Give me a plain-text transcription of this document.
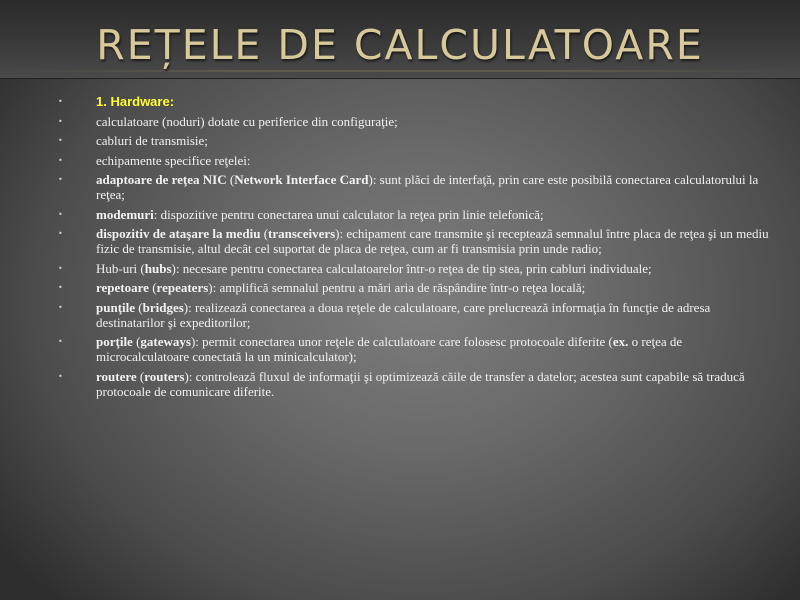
REȚELE DE CALCULATOARE
•	1. Hardware:
•	calculatoare (noduri) dotate cu periferice din configuraţie;
•	cabluri de transmisie;
•	echipamente specifice reţelei:
•	adaptoare de reţea NIC (Network Interface Card): sunt plăci de interfaţă, prin care este posibilă conectarea calculatorului la reţea;
•	modemuri: dispozitive pentru conectarea unui calculator la reţea prin linie telefonică;
•	dispozitiv de ataşare la mediu (transceivers): echipament care transmite şi recepteazã semnalul între placa de reţea şi un mediu fizic de transmisie, altul decât cel suportat de placa de reţea, cum ar fi transmisia prin unde radio;
•	Hub-uri (hubs): necesare pentru conectarea calculatoarelor într-o reţea de tip stea, prin cabluri individuale;
•	repetoare (repeaters): amplifică semnalul pentru a mări aria de răspândire într-o reţea locală;
•	punţile (bridges): realizează conectarea a doua reţele de calculatoare, care prelucrează informaţia în funcţie de adresa destinatarilor şi expeditorilor;
•	porţile (gateways): permit conectarea unor reţele de calculatoare care folosesc protocoale diferite (ex. o reţea de microcalculatoare conectată la un minicalculator);
•	routere (routers): controlează fluxul de informaţii şi optimizează căile de transfer a datelor; acestea sunt capabile să traducă protocoale de comunicare diferite.
